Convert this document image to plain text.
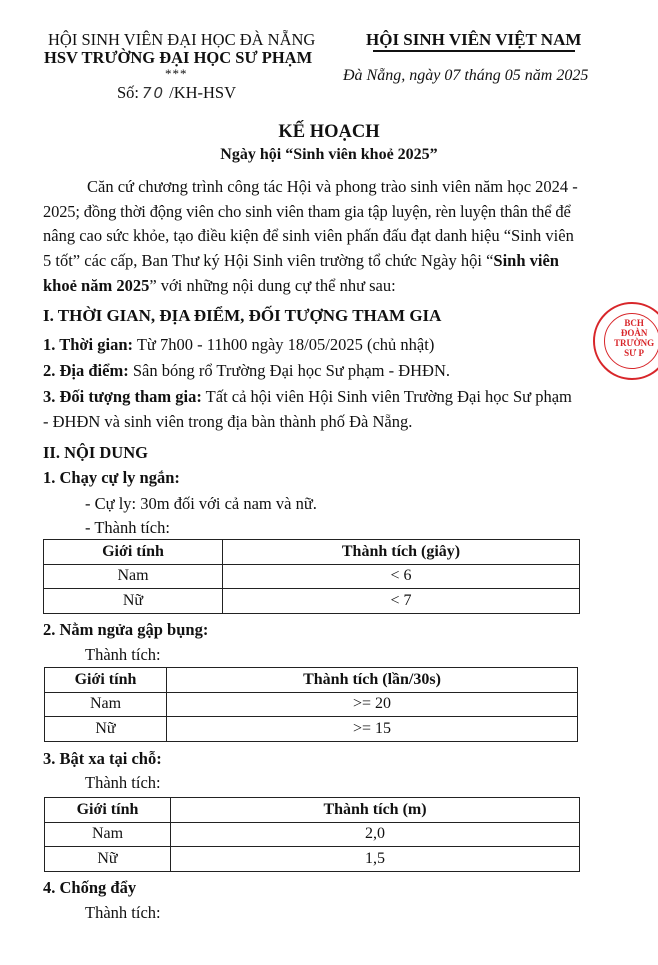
HỘI SINH VIÊN ĐẠI HỌC ĐÀ NẴNG
HSV TRƯỜNG ĐẠI HỌC SƯ PHẠM
***
Số: 70 /KH-HSV
HỘI SINH VIÊN VIỆT NAM
Đà Nẵng, ngày 07 tháng 05 năm 2025
KẾ HOẠCH
Ngày hội “Sinh viên khoẻ 2025”
Căn cứ chương trình công tác Hội và phong trào sinh viên năm học 2024 -
2025; đồng thời động viên cho sinh viên tham gia tập luyện, rèn luyện thân thể để
nâng cao sức khỏe, tạo điều kiện để sinh viên phấn đấu đạt danh hiệu “Sinh viên
5 tốt” các cấp, Ban Thư ký Hội Sinh viên trường tổ chức Ngày hội “Sinh viên
khoẻ năm 2025” với những nội dung cự thể như sau:
I. THỜI GIAN, ĐỊA ĐIỂM, ĐỐI TƯỢNG THAM GIA
1. Thời gian: Từ 7h00 - 11h00 ngày 18/05/2025 (chủ nhật)
2. Địa điểm: Sân bóng rổ Trường Đại học Sư phạm - ĐHĐN.
3. Đối tượng tham gia: Tất cả hội viên Hội Sinh viên Trường Đại học Sư phạm
- ĐHĐN và sinh viên trong địa bàn thành phố Đà Nẵng.
BCH
ĐOÀN
TRƯỜNG
SƯ P
II. NỘI DUNG
1. Chạy cự ly ngắn:
- Cự ly: 30m đối với cả nam và nữ.
- Thành tích:
Giới tính	Thành tích (giây)
Nam	< 6
Nữ	< 7
2. Nằm ngửa gập bụng:
Thành tích:
Giới tính	Thành tích (lần/30s)
Nam	>= 20
Nữ	>= 15
3. Bật xa tại chỗ:
Thành tích:
Giới tính	Thành tích (m)
Nam	2,0
Nữ	1,5
4. Chống đẩy
Thành tích:
